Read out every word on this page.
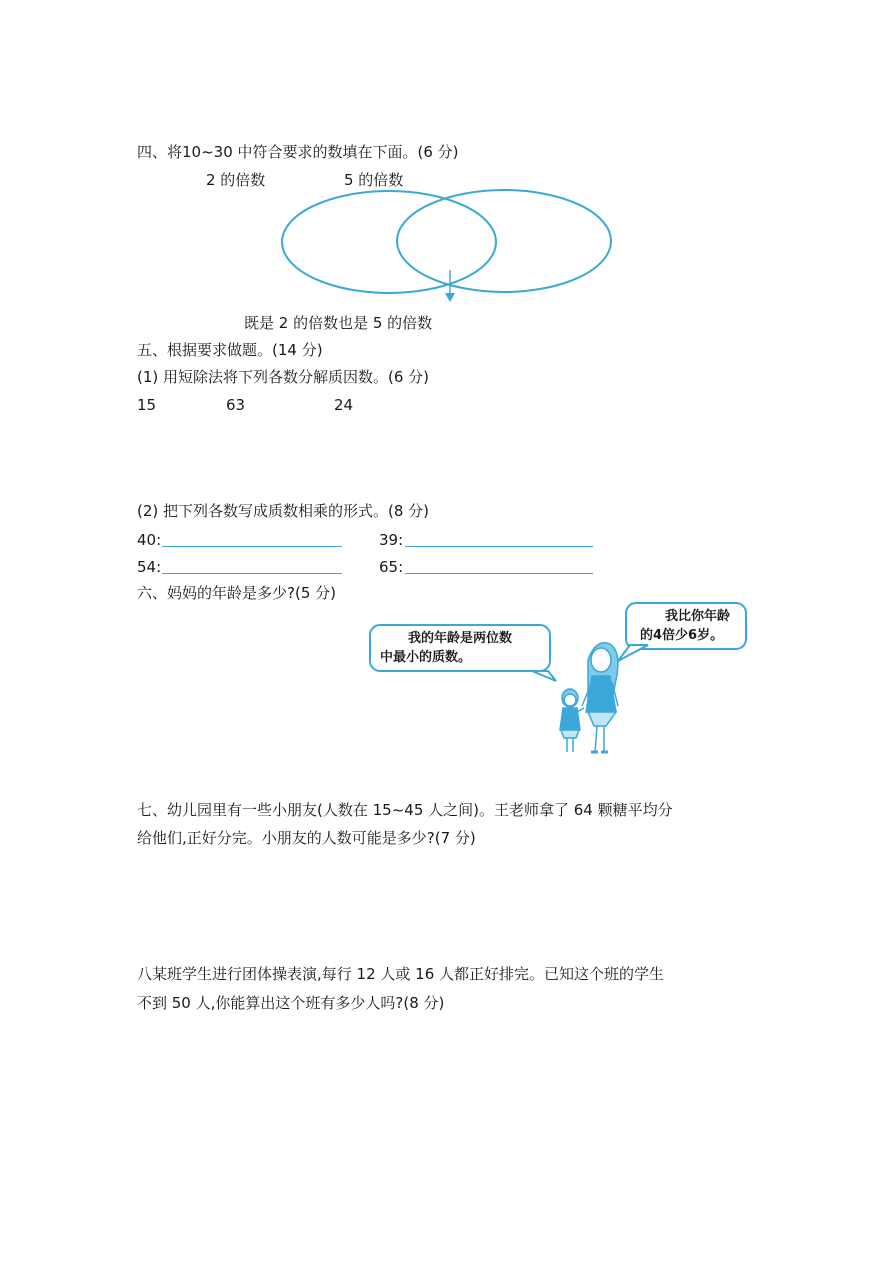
四、将10~30 中符合要求的数填在下面。(6 分)
2 的倍数	5 的倍数
既是 2 的倍数也是 5 的倍数
五、根据要求做题。(14 分)
(1) 用短除法将下列各数分解质因数。(6 分)
15	63	24
(2) 把下列各数写成质数相乘的形式。(8 分)
40:	39:
54:	65:
六、妈妈的年龄是多少?(5 分)
我的年龄是两位数
中最小的质数。
我比你年龄
的4倍少6岁。
七、幼儿园里有一些小朋友(人数在 15~45 人之间)。王老师拿了 64 颗糖平均分
给他们,正好分完。小朋友的人数可能是多少?(7 分)
八某班学生进行团体操表演,每行 12 人或 16 人都正好排完。已知这个班的学生
不到 50 人,你能算出这个班有多少人吗?(8 分)
